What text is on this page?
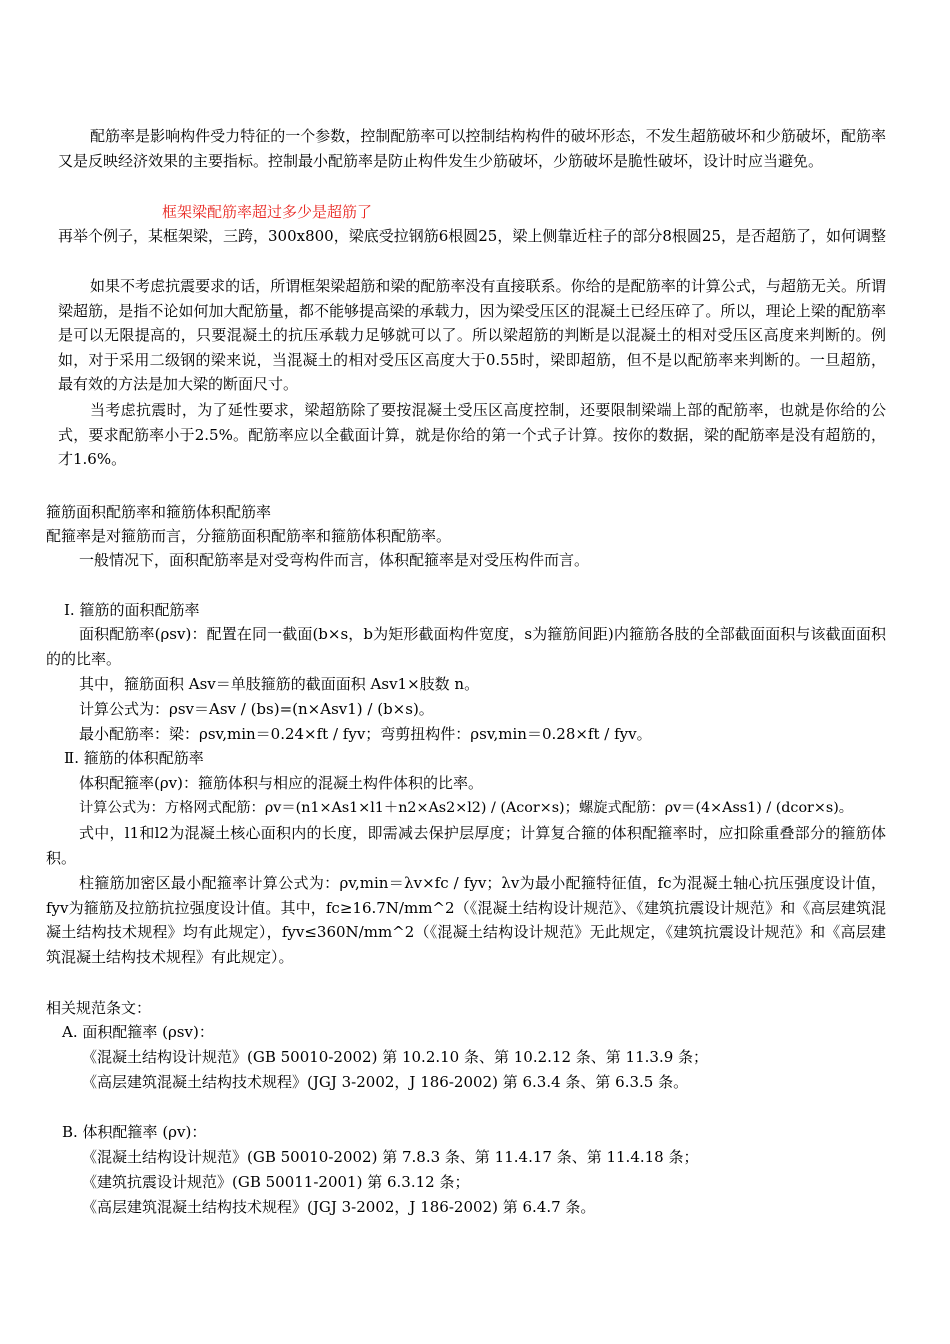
配筋率是影响构件受力特征的一个参数，控制配筋率可以控制结构构件的破坏形态，不发生超筋破坏和少筋破坏，配筋率又是反映经济效果的主要指标。控制最小配筋率是防止构件发生少筋破坏，少筋破坏是脆性破坏，设计时应当避免。

框架梁配筋率超过多少是超筋了

再举个例子，某框架梁，三跨，300x800，梁底受拉钢筋6根圆25，梁上侧靠近柱子的部分8根圆25，是否超筋了，如何调整

如果不考虑抗震要求的话，所谓框架梁超筋和梁的配筋率没有直接联系。你给的是配筋率的计算公式，与超筋无关。所谓梁超筋，是指不论如何加大配筋量，都不能够提高梁的承载力，因为梁受压区的混凝土已经压碎了。所以，理论上梁的配筋率是可以无限提高的，只要混凝土的抗压承载力足够就可以了。所以梁超筋的判断是以混凝土的相对受压区高度来判断的。例如，对于采用二级钢的梁来说，当混凝土的相对受压区高度大于0.55时，梁即超筋，但不是以配筋率来判断的。一旦超筋，最有效的方法是加大梁的断面尺寸。

当考虑抗震时，为了延性要求，梁超筋除了要按混凝土受压区高度控制，还要限制梁端上部的配筋率，也就是你给的公式，要求配筋率小于2.5%。配筋率应以全截面计算，就是你给的第一个式子计算。按你的数据，梁的配筋率是没有超筋的，才1.6%。

箍筋面积配筋率和箍筋体积配筋率
配箍率是对箍筋而言，分箍筋面积配筋率和箍筋体积配筋率。
一般情况下，面积配筋率是对受弯构件而言，体积配箍率是对受压构件而言。
Ⅰ. 箍筋的面积配筋率

面积配筋率(ρsv)：配置在同一截面(b×s，b为矩形截面构件宽度，s为箍筋间距)内箍筋各肢的全部截面面积与该截面面积的的比率。

其中，箍筋面积 Asv＝单肢箍筋的截面面积 Asv1×肢数 n。
计算公式为：ρsv＝Asv / (bs)=(n×Asv1) / (b×s)。
最小配筋率：梁：ρsv,min＝0.24×ft / fyv；弯剪扭构件：ρsv,min＝0.28×ft / fyv。
Ⅱ. 箍筋的体积配筋率
体积配箍率(ρv)：箍筋体积与相应的混凝土构件体积的比率。
计算公式为：方格网式配筋：ρv＝(n1×As1×l1＋n2×As2×l2) / (Acor×s)；螺旋式配筋：ρv＝(4×Ass1) / (dcor×s)。

式中，l1和l2为混凝土核心面积内的长度，即需减去保护层厚度；计算复合箍的体积配箍率时，应扣除重叠部分的箍筋体积。

柱箍筋加密区最小配箍率计算公式为：ρv,min＝λv×fc / fyv；λv为最小配箍特征值，fc为混凝土轴心抗压强度设计值，fyv为箍筋及拉筋抗拉强度设计值。其中，fc≥16.7N/mm^2（《混凝土结构设计规范》、《建筑抗震设计规范》和《高层建筑混凝土结构技术规程》均有此规定），fyv≤360N/mm^2（《混凝土结构设计规范》无此规定，《建筑抗震设计规范》和《高层建筑混凝土结构技术规程》有此规定）。

相关规范条文：
A. 面积配箍率 (ρsv)：
《混凝土结构设计规范》(GB 50010-2002) 第 10.2.10 条、第 10.2.12 条、第 11.3.9 条；
《高层建筑混凝土结构技术规程》(JGJ 3-2002，J 186-2002) 第 6.3.4 条、第 6.3.5 条。
B. 体积配箍率 (ρv)：
《混凝土结构设计规范》(GB 50010-2002) 第 7.8.3 条、第 11.4.17 条、第 11.4.18 条；
《建筑抗震设计规范》(GB 50011-2001) 第 6.3.12 条；
《高层建筑混凝土结构技术规程》(JGJ 3-2002，J 186-2002) 第 6.4.7 条。
